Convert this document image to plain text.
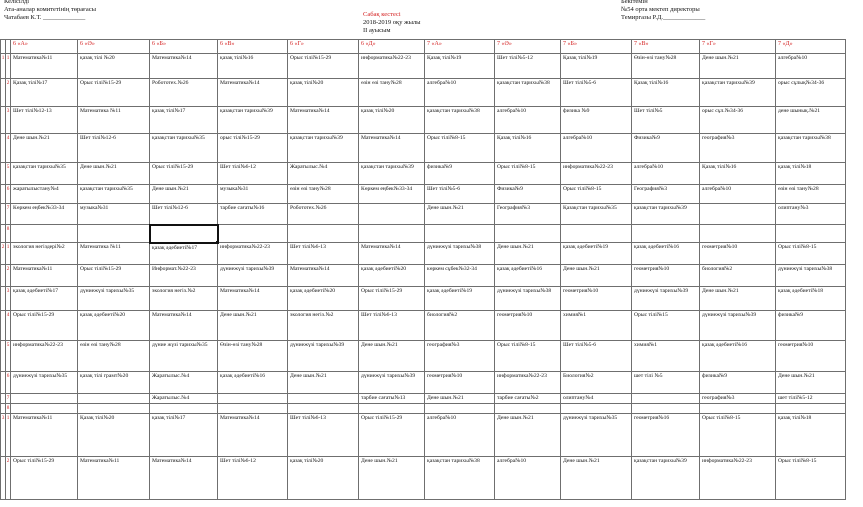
Келісілді
Ата-аналар комитетінің төрағасы
Чатабаев К.Т. _____________	Сабақ кестесі
2018-2019 оқу жылы
II ауысым
Бекітемін
№54 орта мектеп директоры
Темиргазы Р.Д._____________
		6 «А»	6 «Ә»	6 «Б»	6 «В»	6 «Г»	6 «Д»	7 «А»	7 «Ә»	7 «Б»	7 «В»	7 «Г»	7 «Д»
1	1	Математика№11	қазақ тілі №20	Математика№14	қазақ тілі№16	Орыс тілі№15-29	информатика№22-23	Қазақ тілі№19	Шет тілі№5-12	Қазақ тілі№19	Өзін-өзі тану№28	Дене шын.№21	алгебра№10
	2	Қазақ тілі№17	Орыс тілі№15-29	Робототех.№26	Математика№14	қазақ тілі№20	өзін өзі тану№28	алгебра№10	қазақстан тарихы№38	Шет тілі№5-6	Қазақ тілі№16	қазақстан тарихы№39	орыс сұлық№34-36
	3	Шет тілі№12-13	Математика №11	қазақ тілі№17	қазақстан тарихы№39	Математика№14	қазақ тілі№20	қазақстан тарихы№38	алгебра№10	физика №9	Шет тілі№5	орыс сұл.№34-36	дене шынық.№21
	4	Дене шын.№21	Шет тілі№12-6	қазақстан тарихы№35	орыс тілі№15-29	қазақстан тарихы№39	Математика№14	Орыс тілі№8-15	Қазақ тілі№16	алгебра№10	Физика№9	география№3	қазақстан тарихы№38
	5	қазақстан тарихы№35	Дене шын.№21	Орыс тілі№15-29	Шет тілі№6-12	Жаратылыс.№4	қазақстан тарихы№39	физика№9	Орыс тілі№8-15	информатика№22-23	алгебра№10	Қазақ тілі№16	қазақ тілі№18
	6	жаратылыстану№4	қазақстан тарихы№35	Дене шын.№21	музыка№31	өзін өзі тану№28	Көркем еңбек№33-34	Шет тілі№5-6	Физика№9	Орыс тілі№8-15	География№3	алгебра№10	өзін өзі тану№28
	7	Көркем еңбек№33-34	музыка№31	Шет тілі№12-6	тарбие сағаты№16	Робототех.№26		Дене шын.№21	География№3	Қазақстан тарихы№35	қазақстан тарихы№39		олиптану№3
	8												
2	1	экология негіздері№2	Математика №11	қазақ әдебиеті№17	информатика№22-23	Шет тілі№6-13	Математика№14	дүниежүзі тарихы№38	Дене шын.№21	қазақ әдебиеті№19	қазақ әдебиеті№16	геометрия№10	Орыс тілі№8-15
	2	Математика№11	Орыс тілі№15-29	Информат.№22-23	дүниежүзі тарихы№39	Математика№14	қазақ әдебиеті№20	көркем сұбек№32-34	қазақ әдебиеті№16	Дене шын.№21	геометрия№10	биология№2	дүниежүзі тарихы№38
	3	қазақ әдебиеті№17	дүниежүзі тарихы№35	экология негіз.№2	Математика№14	қазақ әдебиеті№20	Орыс тілі№15-29	қазақ әдебиеті№19	дүниежүзі тарихы№38	геометрия№10	дүниежүзі тарихы№39	Дене шын.№21	қазақ әдебиеті№18
	4	Орыс тілі№15-29	қазақ әдебиеті№20	Математика№14	Дене шын.№21	экология негіз.№2	Шет тілі№6-13	биология№2	геометрия№10	химия№1	Орыс тілі№15	дүниежүзі тарихы№39	физика№9
	5	информатика№22-23	өзін өзі тану№28	дүние жүзі тарихы№35	Өзін-өзі тану№28	дүниежүзі тарихы№39	Дене шын.№21	география№3	Орыс тілі№8-15	Шет тілі№5-6	химия№1	қазақ әдебиеті№16	геометрия№10
	6	дүниежүзі тарихы№35	қазақ тілі грамт№20	Жаратылыс.№4	қазақ әдебиеті№16	Дене шын.№21	дүниежүзі тарихы№39	геометрия№10	информатика№22-23	Биология№2	шет тілі №5	физика№9	Дене шын.№21
	7			Жаратылыс.№4			тарбие сағаты№13	Дене шын.№21	тарбие сағаты№2	олиптану№4		география№3	шет тілі№5-12
	8												
3	1	Математика№11	Қазақ тілі№20	қазақ тілі№17	Математика№14	Шет тілі№6-13	Орыс тілі№15-29	алгебра№10	Дене шын.№21	дүниежүзі тарихы№35	геометрия№16	Орыс тілі№8-15	қазақ тілі№18
	2	Орыс тілі№15-29	Математика№11	Математика№14	Шет тілі№6-12	қазақ тілі№20	Дене шын.№21	қазақстан тарихы№38	алгебра№10	Дене шын.№21	қазақстан тарихы№39	информатика№22-23	Орыс тілі№8-15
